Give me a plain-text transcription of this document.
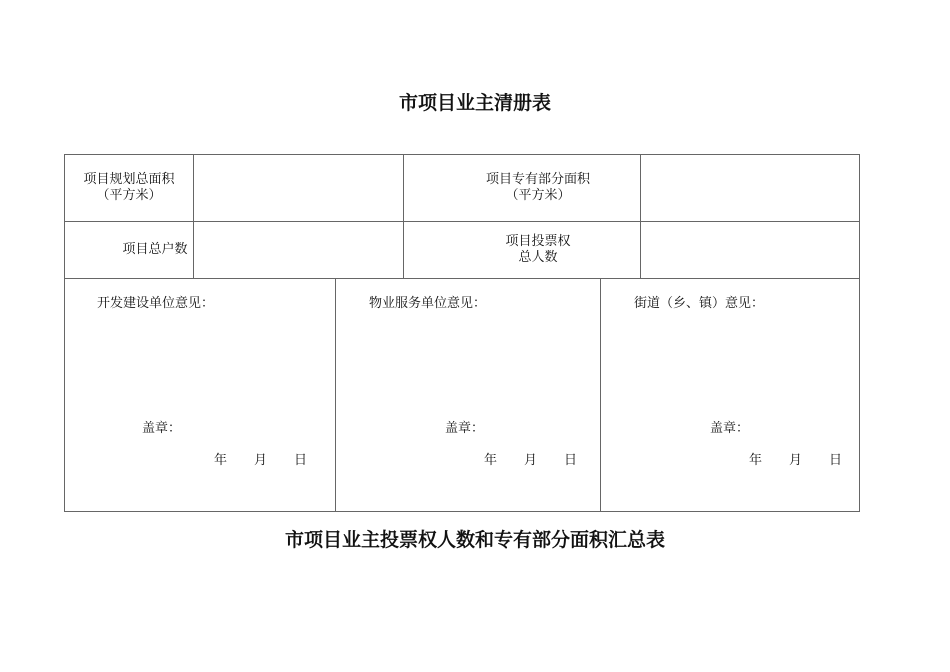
市项目业主清册表
项目规划总面积
（平方米）
项目专有部分面积
（平方米）
项目总户数
项目投票权
总人数
开发建设单位意见：
盖章：
年 月 日
物业服务单位意见：
盖章：
年 月 日
街道（乡、镇）意见：
盖章：
年 月 日
市项目业主投票权人数和专有部分面积汇总表
